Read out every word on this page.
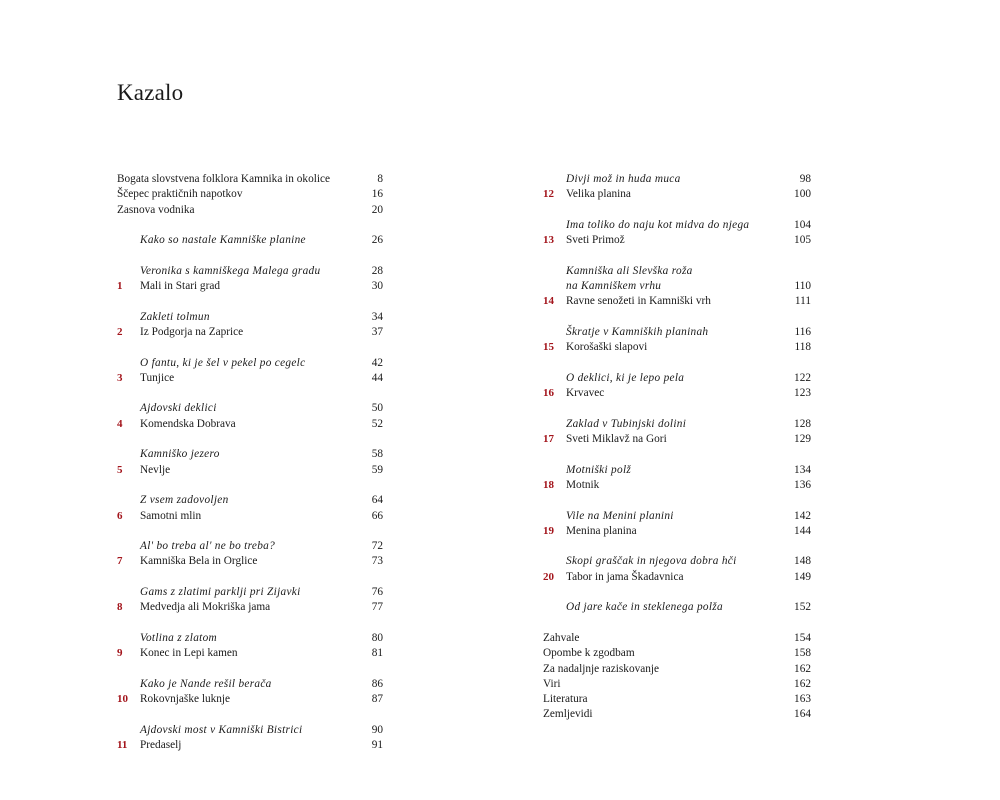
Kazalo
Bogata slovstvena folklora Kamnika in okolice	8
Ščepec praktičnih napotkov	16
Zasnova vodnika	20
Kako so nastale Kamniške planine	26
Veronika s kamniškega Malega gradu	28
1 Mali in Stari grad	30
Zakleti tolmun	34
2 Iz Podgorja na Zaprice	37
O fantu, ki je šel v pekel po cegelc	42
3 Tunjice	44
Ajdovski deklici	50
4 Komendska Dobrava	52
Kamniško jezero	58
5 Nevlje	59
Z vsem zadovoljen	64
6 Samotni mlin	66
Al' bo treba al' ne bo treba?	72
7 Kamniška Bela in Orglice	73
Gams z zlatimi parklji pri Zijavki	76
8 Medvedja ali Mokriška jama	77
Votlina z zlatom	80
9 Konec in Lepi kamen	81
Kako je Nande rešil berača	86
10 Rokovnjaške luknje	87
Ajdovski most v Kamniški Bistrici	90
11 Predaselj	91
Divji mož in huda muca	98
12 Velika planina	100
Ima toliko do naju kot midva do njega	104
13 Sveti Primož	105
Kamniška ali Slevška roža
na Kamniškem vrhu	110
14 Ravne senožeti in Kamniški vrh	111
Škratje v Kamniških planinah	116
15 Korošaški slapovi	118
O deklici, ki je lepo pela	122
16 Krvavec	123
Zaklad v Tubinjski dolini	128
17 Sveti Miklavž na Gori	129
Motniški polž	134
18 Motnik	136
Vile na Menini planini	142
19 Menina planina	144
Skopi graščak in njegova dobra hči	148
20 Tabor in jama Škadavnica	149
Od jare kače in steklenega polža	152
Zahvale	154
Opombe k zgodbam	158
Za nadaljnje raziskovanje	162
Viri	162
Literatura	163
Zemljevidi	164
